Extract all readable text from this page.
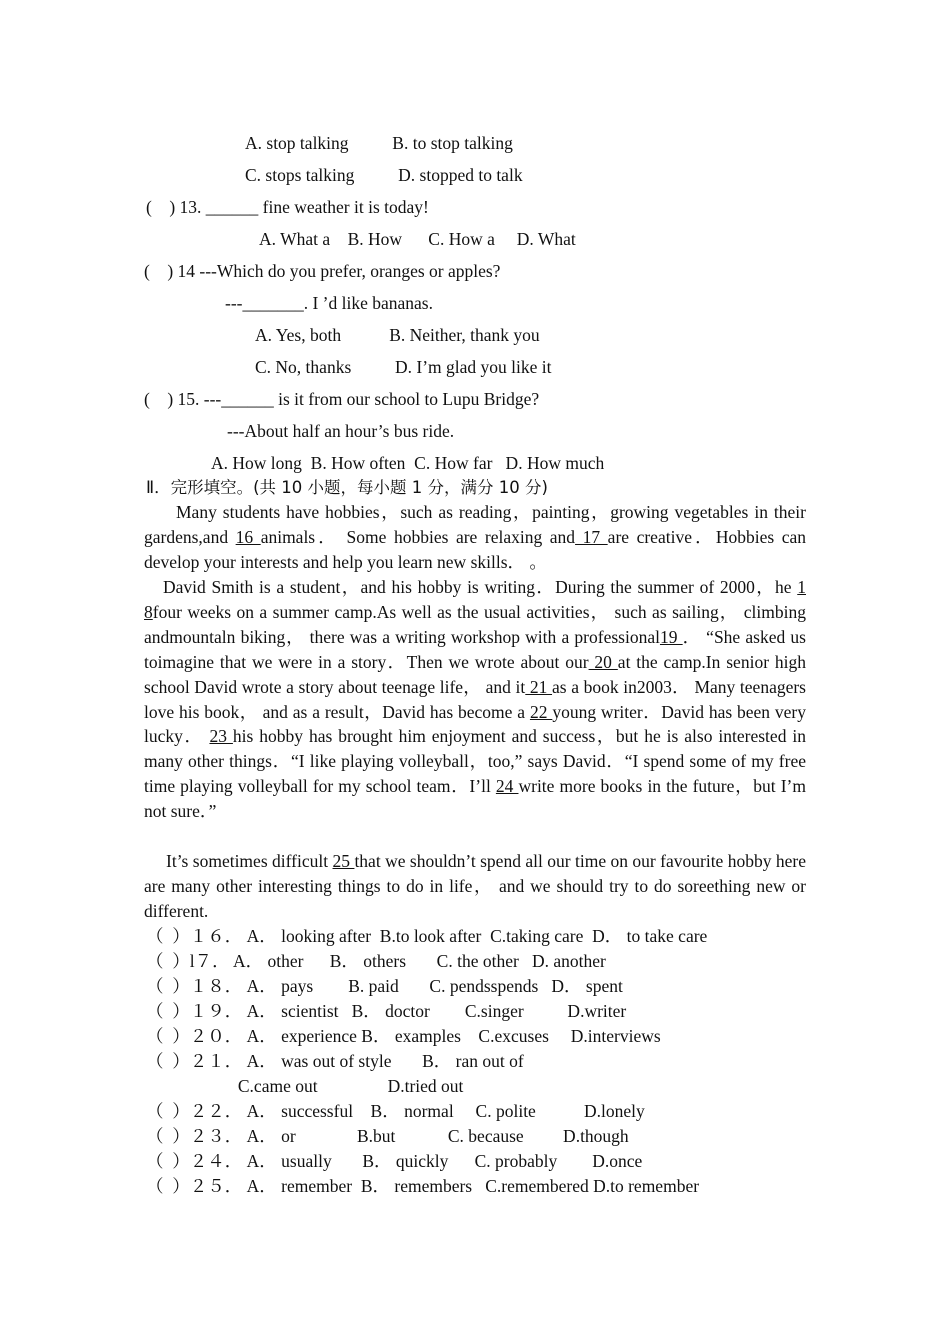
A. stop talking          B. to stop talking
C. stops talking          D. stopped to talk
(    ) 13. ______ fine weather it is today!
A. What a    B. How      C. How a     D. What
(    ) 14 ---Which do you prefer, oranges or apples?
---_______. I ’d like bananas.
A. Yes, both           B. Neither, thank you
C. No, thanks          D. I’m glad you like it
(    ) 15. ---______ is it from our school to Lupu Bridge?
---About half an hour’s bus ride.
A. How long  B. How often  C. How far   D. How much
Ⅱ．完形填空。(共 10 小题，每小题 1 分，满分 10 分)
Many students have hobbies，such as reading，painting，growing vegetables in their gardens,and 16 animals． Some hobbies are relaxing and 17 are creative．Hobbies can develop your interests and help you learn new skills． 。
David Smith is a student，and his hobby is writing．During the summer of 2000，he 1 8four weeks on a summer camp.As well as the usual activities， such as sailing， climbing andmountaln biking， there was a writing workshop with a professional19 ． “She asked us toimagine that we were in a story．Then we wrote about our 20 at the camp.In senior high school David wrote a story about teenage life， and it 21 as a book in2003． Many teenagers love his book， and as a result，David has become a 22 young writer．David has been very lucky． 23 his hobby has brought him enjoyment and success，but he is also interested in many other things．“I like playing volleyball，too,” says David．“I spend some of my free time playing volleyball for my school team．I’ll 24 write more books in the future，but I’m not sure．”
It’s sometimes difficult 25 that we shouldn’t spend all our time on our favourite hobby here are many other interesting things to do in life， and we should try to do soreething new or different.
（  ）１６． A． looking after  B.to look after  C.taking care  D． to take care
（  ）l７． A． other      B． others       C. the other   D. another
（  ）１８． A． pays        B. paid       C. pendsspends   D． spent
（  ）１９． A． scientist   B． doctor        C.singer          D.writer
（  ）２０． A． experience B． examples    C.excuses     D.interviews
（  ）２１． A． was out of style       B． ran out of
C.came out                D.tried out
（  ）２２． A． successful    B． normal     C. polite           D.lonely
（  ）２３． A． or              B.but            C. because         D.though
（  ）２４． A． usually       B． quickly      C. probably        D.once
（  ）２５． A． remember  B． remembers   C.remembered D.to remember
